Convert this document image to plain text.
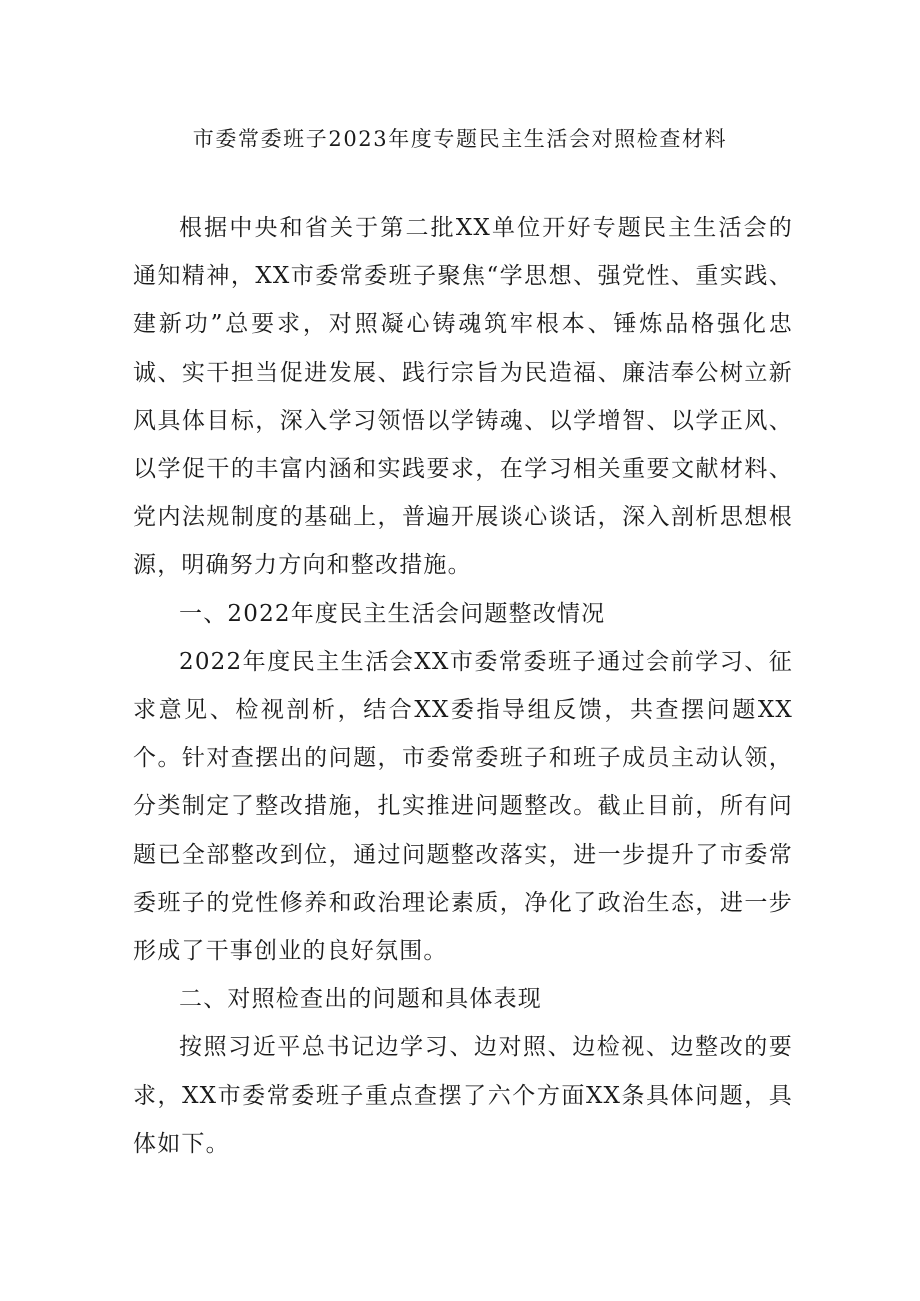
市委常委班子2023年度专题民主生活会对照检查材料

根据中央和省关于第二批XX单位开好专题民主生活会的通知精神，XX市委常委班子聚焦“学思想、强党性、重实践、建新功”总要求，对照凝心铸魂筑牢根本、锤炼品格强化忠诚、实干担当促进发展、践行宗旨为民造福、廉洁奉公树立新风具体目标，深入学习领悟以学铸魂、以学增智、以学正风、以学促干的丰富内涵和实践要求，在学习相关重要文献材料、党内法规制度的基础上，普遍开展谈心谈话，深入剖析思想根源，明确努力方向和整改措施。

一、2022年度民主生活会问题整改情况

2022年度民主生活会XX市委常委班子通过会前学习、征求意见、检视剖析，结合XX委指导组反馈，共查摆问题XX个。针对查摆出的问题，市委常委班子和班子成员主动认领，分类制定了整改措施，扎实推进问题整改。截止目前，所有问题已全部整改到位，通过问题整改落实，进一步提升了市委常委班子的党性修养和政治理论素质，净化了政治生态，进一步形成了干事创业的良好氛围。

二、对照检查出的问题和具体表现

按照习近平总书记边学习、边对照、边检视、边整改的要求，XX市委常委班子重点查摆了六个方面XX条具体问题，具体如下。
